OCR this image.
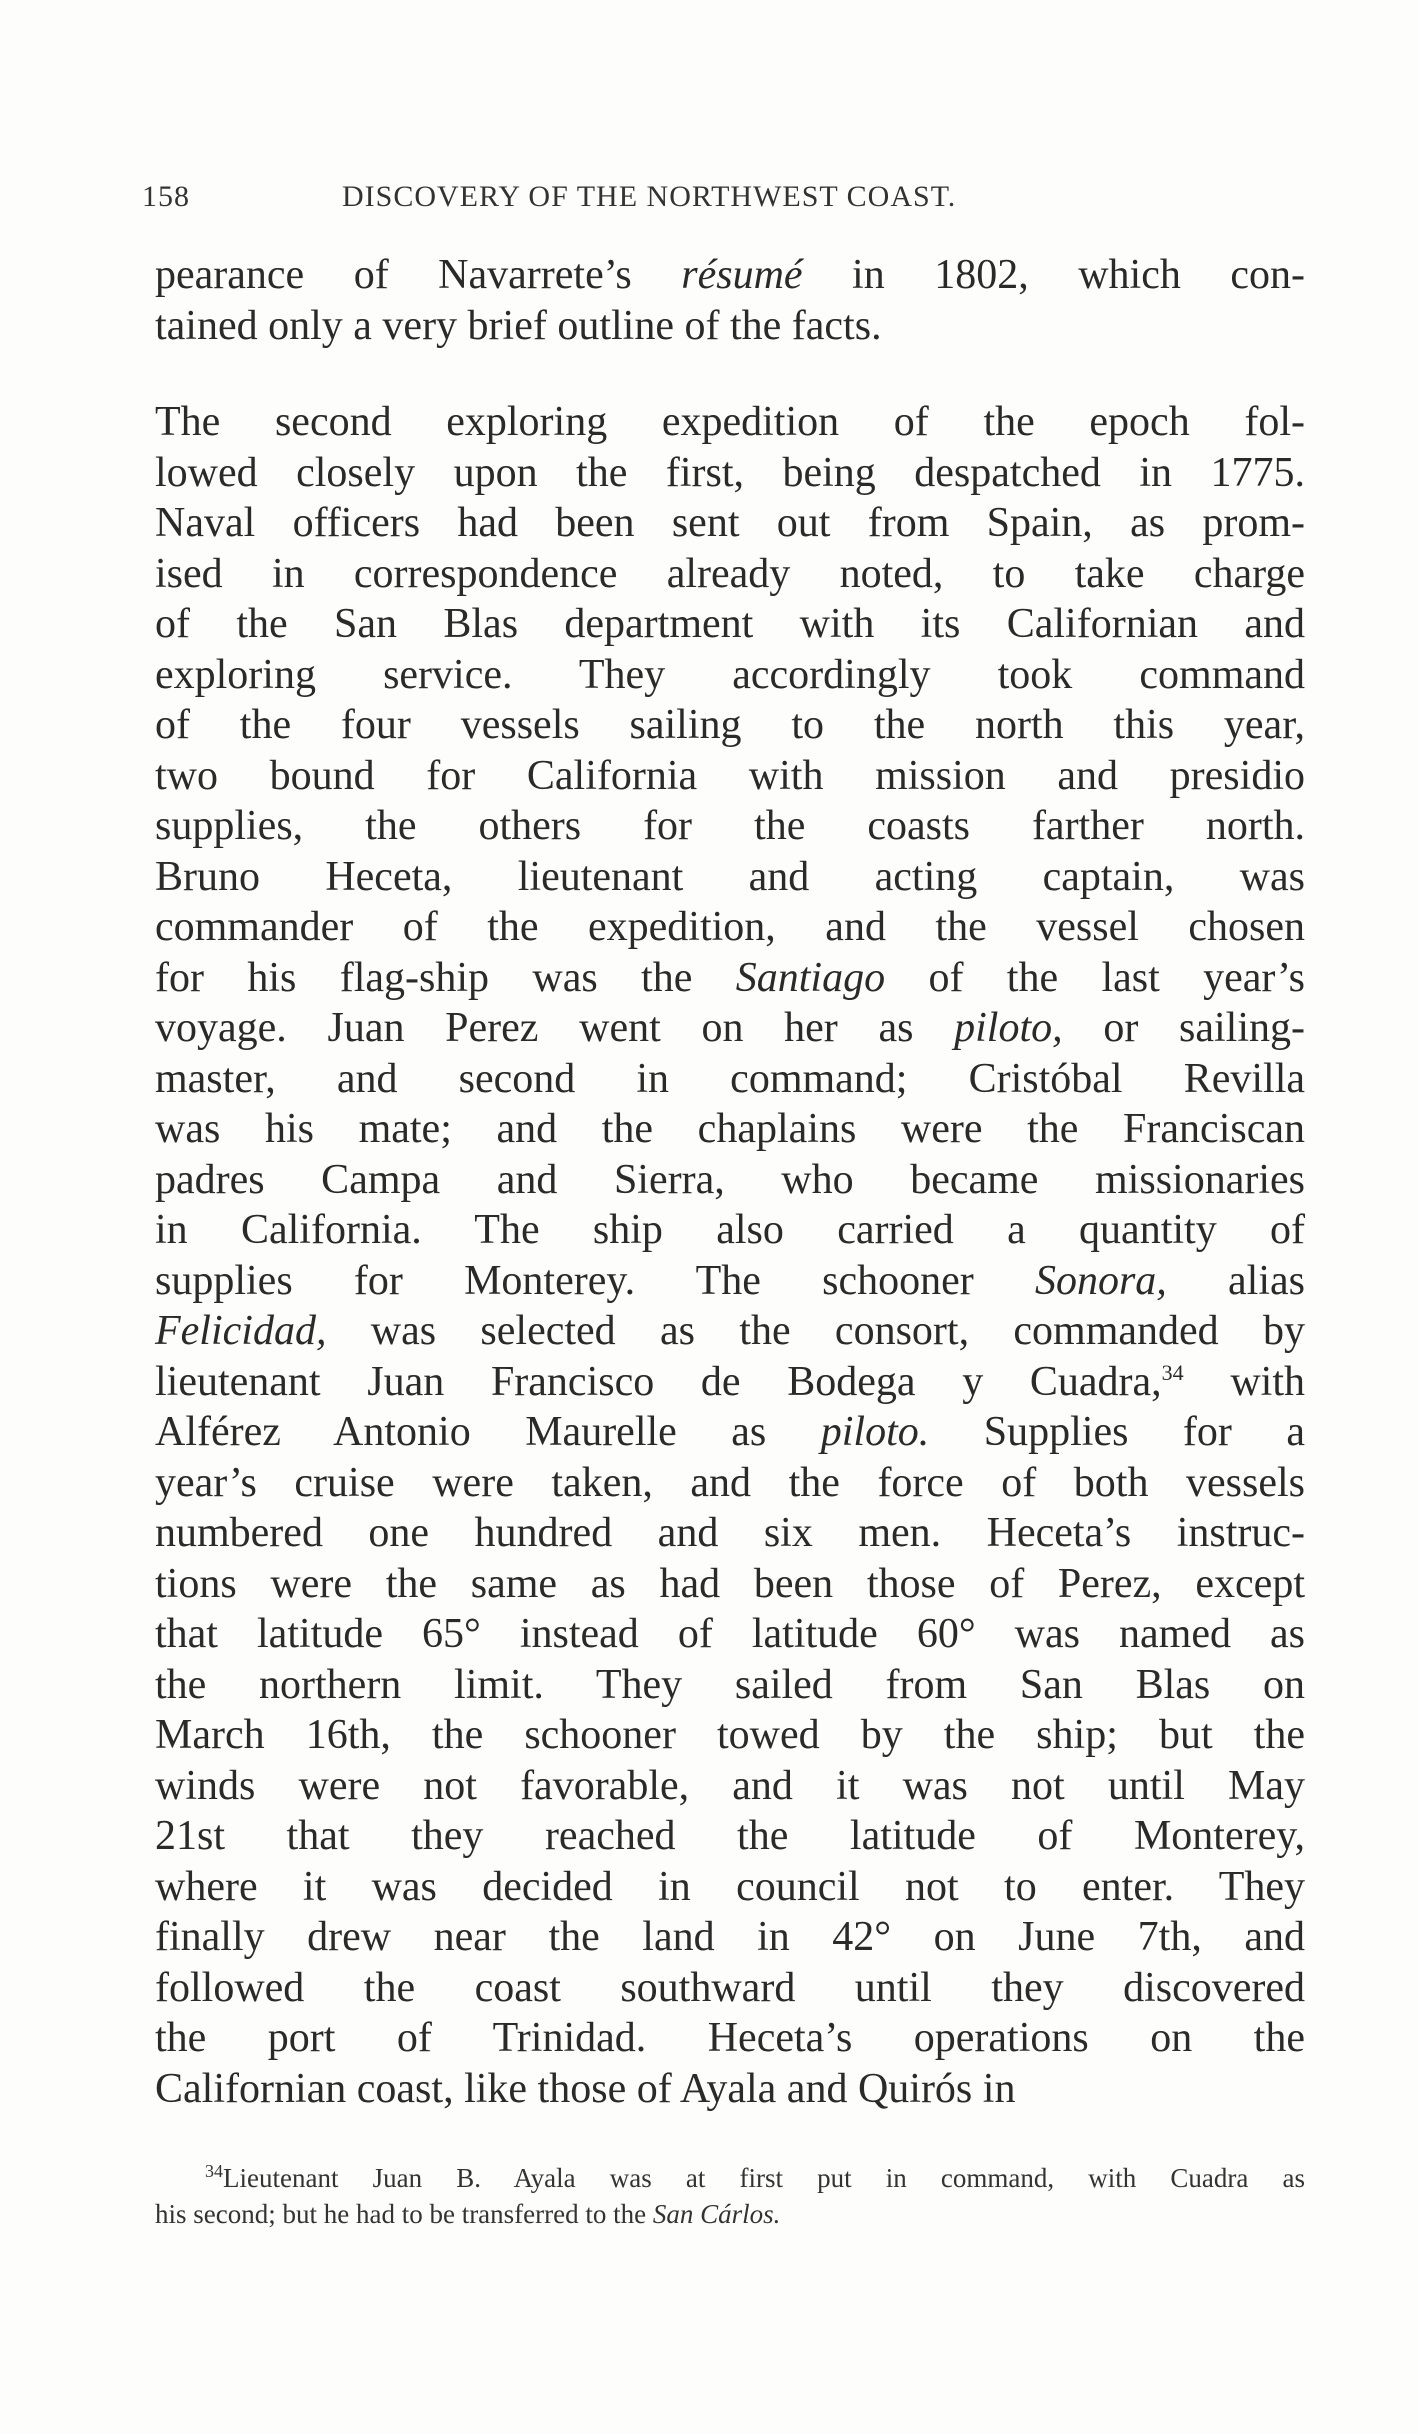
158	DISCOVERY OF THE NORTHWEST COAST.
pearance of Navarrete’s résumé in 1802, which con-
tained only a very brief outline of the facts.
The second exploring expedition of the epoch fol-
lowed closely upon the first, being despatched in 1775.
Naval officers had been sent out from Spain, as prom-
ised in correspondence already noted, to take charge
of the San Blas department with its Californian and
exploring service. They accordingly took command
of the four vessels sailing to the north this year,
two bound for California with mission and presidio
supplies, the others for the coasts farther north.
Bruno Heceta, lieutenant and acting captain, was
commander of the expedition, and the vessel chosen
for his flag-ship was the Santiago of the last year’s
voyage. Juan Perez went on her as piloto, or sailing-
master, and second in command; Cristóbal Revilla
was his mate; and the chaplains were the Franciscan
padres Campa and Sierra, who became missionaries
in California. The ship also carried a quantity of
supplies for Monterey. The schooner Sonora, alias
Felicidad, was selected as the consort, commanded by
lieutenant Juan Francisco de Bodega y Cuadra,$^{34}$ with
Alférez Antonio Maurelle as piloto. Supplies for a
year’s cruise were taken, and the force of both vessels
numbered one hundred and six men. Heceta’s instruc-
tions were the same as had been those of Perez, except
that latitude 65° instead of latitude 60° was named as
the northern limit. They sailed from San Blas on
March 16th, the schooner towed by the ship; but the
winds were not favorable, and it was not until May
21st that they reached the latitude of Monterey,
where it was decided in council not to enter. They
finally drew near the land in 42° on June 7th, and
followed the coast southward until they discovered
the port of Trinidad. Heceta’s operations on the
Californian coast, like those of Ayala and Quirós in
$^{34}$Lieutenant Juan B. Ayala was at first put in command, with Cuadra as
his second; but he had to be transferred to the San Cárlos.
